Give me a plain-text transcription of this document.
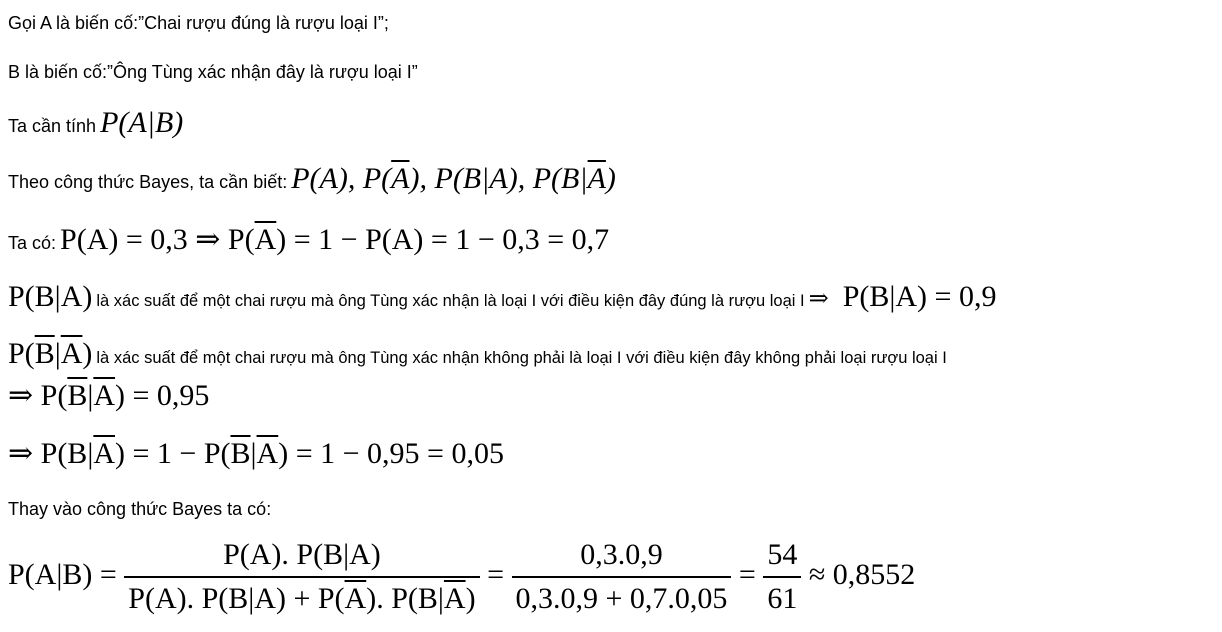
Gọi A là biến cố:”Chai rượu đúng là rượu loại I”;
B là biến cố:”Ông Tùng xác nhận đây là rượu loại I”
Ta cần tính P(A|B)
Theo công thức Bayes, ta cần biết: P(A), $P(\overline{A})$, P(B|A), $P(B|\overline{A})$
Ta có: P(A) = 0,3 ⇒ $P(\overline{A}) = 1 - P(A) = 1 - 0,3 = 0,7$
P(B|A) là xác suất để một chai rượu mà ông Tùng xác nhận là loại I với điều kiện đây đúng là rượu loại I ⇒ P(B|A) = 0,9
$P(\overline{B}|\overline{A})$ là xác suất để một chai rượu mà ông Tùng xác nhận không phải là loại I với điều kiện đây không phải loại rượu loại I
⇒ $P(\overline{B}|\overline{A}) = 0,95$
⇒ $P(B|\overline{A}) = 1 - P(\overline{B}|\overline{A}) = 1 - 0,95 = 0,05$
Thay vào công thức Bayes ta có:
$P(A|B) = \frac{P(A). P(B|A)}{P(A). P(B|A) + P(\overline{A}). P(B|\overline{A})} = \frac{0,3.0,9}{0,3.0,9 + 0,7.0,05} = \frac{54}{61} \approx 0,8552$
